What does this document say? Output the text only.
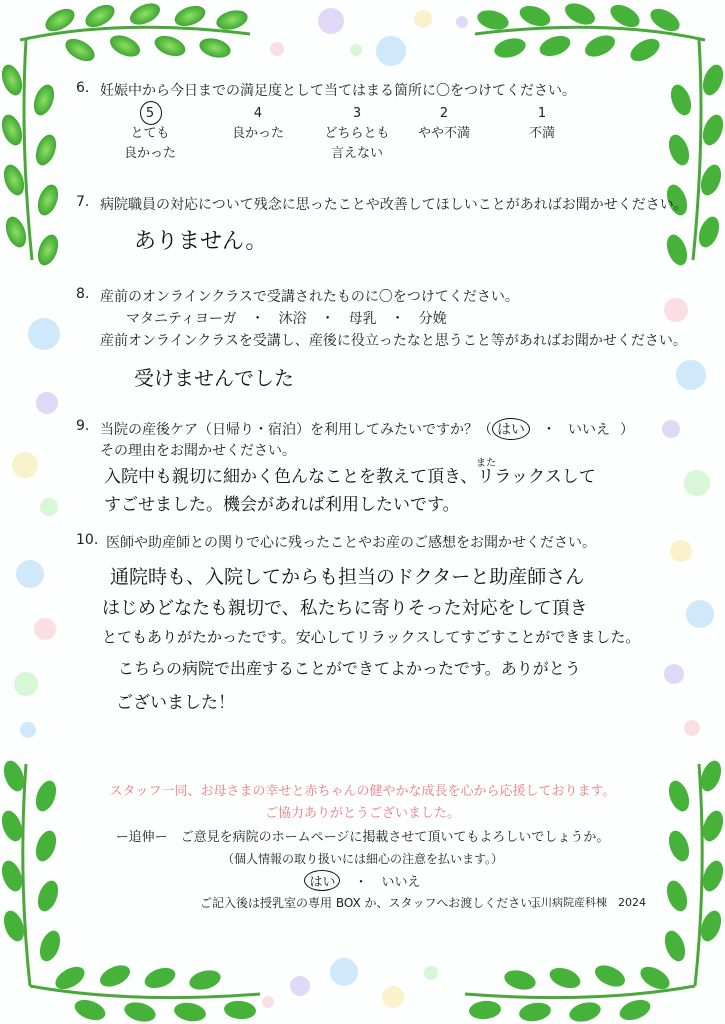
6. 妊娠中から今日までの満足度として当てはまる箇所に〇をつけてください。
5
とても
良かった
4
良かった
3
どちらとも
言えない
2
やや不満
1
不満
7. 病院職員の対応について残念に思ったことや改善してほしいことがあればお聞かせください。
ありません。
8. 産前のオンラインクラスで受講されたものに〇をつけてください。
マタニティヨーガ　・　沐浴　・　母乳　・　分娩
産前オンラインクラスを受講し、産後に役立ったなと思うこと等があればお聞かせください。
受けませんでした
9. 当院の産後ケア（日帰り・宿泊）を利用してみたいですか？（ はい ・ いいえ ）
その理由をお聞かせください。
また
入院中も親切に細かく色んなことを教えて頂き、リラックスして
すごせました。機会があれば利用したいです。
10. 医師や助産師との関りで心に残ったことやお産のご感想をお聞かせください。
通院時も、入院してからも担当のドクターと助産師さん
はじめどなたも親切で、私たちに寄りそった対応をして頂き
とてもありがたかったです。安心してリラックスしてすごすことができました。
こちらの病院で出産することができてよかったです。ありがとう
ございました！
スタッフ一同、お母さまの幸せと赤ちゃんの健やかな成長を心から応援しております。
ご協力ありがとうございました。
ー追伸ー　ご意見を病院のホームページに掲載させて頂いてもよろしいでしょうか。
（個人情報の取り扱いには細心の注意を払います。）
はい ・ いいえ
ご記入後は授乳室の専用 BOX か、スタッフへお渡しください。
玉川病院産科棟　2024
